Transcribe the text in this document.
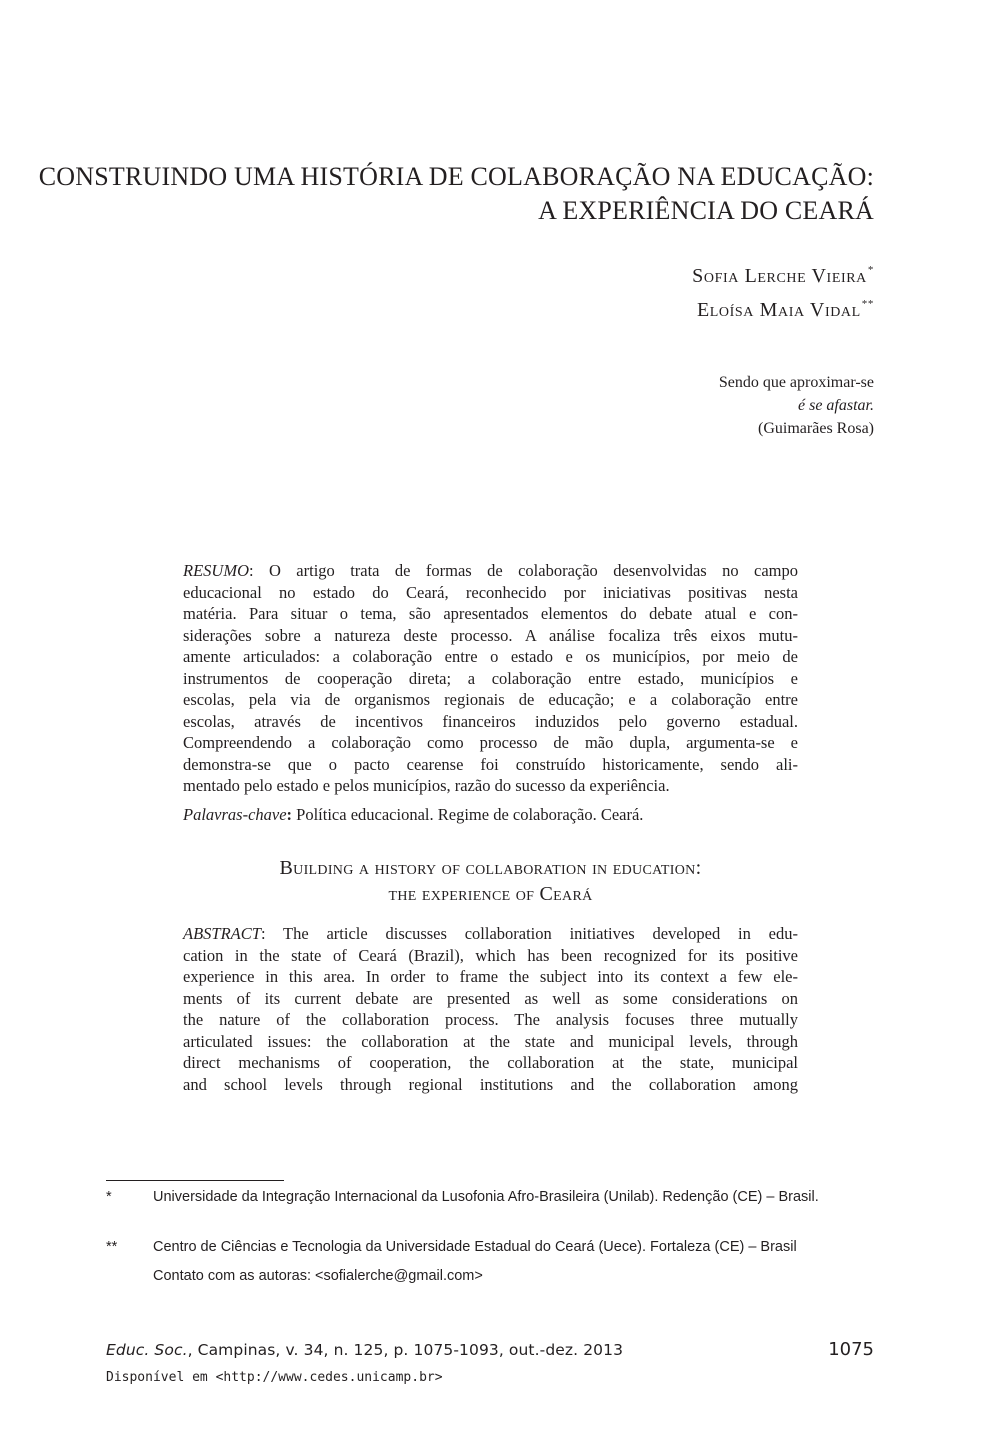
CONSTRUINDO UMA HISTÓRIA DE COLABORAÇÃO NA EDUCAÇÃO:
A EXPERIÊNCIA DO CEARÁ
Sofia Lerche Vieira*
Eloísa Maia Vidal**
Sendo que aproximar-se
é se afastar.
(Guimarães Rosa)
RESUMO: O artigo trata de formas de colaboração desenvolvidas no campo
educacional no estado do Ceará, reconhecido por iniciativas positivas nesta
matéria. Para situar o tema, são apresentados elementos do debate atual e con-
siderações sobre a natureza deste processo. A análise focaliza três eixos mutu-
amente articulados: a colaboração entre o estado e os municípios, por meio de
instrumentos de cooperação direta; a colaboração entre estado, municípios e
escolas, pela via de organismos regionais de educação; e a colaboração entre
escolas, através de incentivos financeiros induzidos pelo governo estadual.
Compreendendo a colaboração como processo de mão dupla, argumenta-se e
demonstra-se que o pacto cearense foi construído historicamente, sendo ali-
mentado pelo estado e pelos municípios, razão do sucesso da experiência.
Palavras-chave: Política educacional. Regime de colaboração. Ceará.
Building a history of collaboration in education:
the experience of Ceará
ABSTRACT: The article discusses collaboration initiatives developed in edu-
cation in the state of Ceará (Brazil), which has been recognized for its positive
experience in this area. In order to frame the subject into its context a few ele-
ments of its current debate are presented as well as some considerations on
the nature of the collaboration process. The analysis focuses three mutually
articulated issues: the collaboration at the state and municipal levels, through
direct mechanisms of cooperation, the collaboration at the state, municipal
and school levels through regional institutions and the collaboration among
*	Universidade da Integração Internacional da Lusofonia Afro-Brasileira (Unilab). Redenção (CE) – Brasil.
** Centro de Ciências e Tecnologia da Universidade Estadual do Ceará (Uece). Fortaleza (CE) – Brasil
Contato com as autoras: <sofialerche@gmail.com>
Educ. Soc., Campinas, v. 34, n. 125, p. 1075-1093, out.-dez. 2013	1075
Disponível em <http://www.cedes.unicamp.br>
